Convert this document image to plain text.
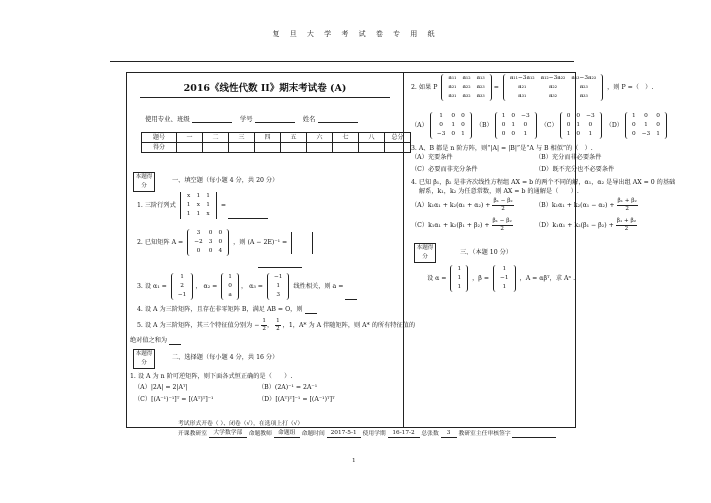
复 旦 大 学 考 试 卷 专 用 纸
2016《线性代数 II》期末考试卷 (A)
使用专业、班级	学号	姓名
题号	一	二	三	四	五	六	七	八	总分
得分									
本题得分
一、填空题（每小题 4 分，共 20 分）
1. 三阶行列式
x	1	1
1	x	1
1	1	x
=
2. 已知矩阵 A =
3	0	0
−2	3	0
0	0	4
，则 (A − 2E)⁻¹ =
3. 设 α₁ =
1
2
−1
， α₂ =
1
0
a
， α₃ =
−1
1
3
线性相关，则 a =
4. 设 A 为三阶矩阵，且存在非零矩阵 B，满足 AB = O，则
5. 设 A 为三阶矩阵，其三个特征值分别为 − $\frac{1}{2}$ ， $\frac{1}{2}$ ，1，A* 为 A 伴随矩阵，则 A* 的所有特征值的
绝对值之和为
本题得分
二、选择题（每小题 4 分，共 16 分）
1. 设 A 为 n 阶可逆矩阵，则下面各式恒正确的是（　　）.
（A）|2A| = 2|Aᵀ|	（B）(2A)⁻¹ = 2A⁻¹
（C）[(A⁻¹)⁻¹]ᵀ = [(Aᵀ)ᵀ]⁻¹	（D）[(Aᵀ)ᵀ]⁻¹ = [(A⁻¹)ᵀ]ᵀ
2. 如果 P
a₁₁	a₁₂	a₁₃
a₂₁	a₂₂	a₂₃
a₃₁	a₃₂	a₃₃
=
a₁₁−3a₁₂	a₁₂−3a₂₂	a₁₃−3a₂₃
a₂₁	a₂₂	a₂₃
a₃₁	a₃₂	a₃₃
，则 P =（　）.
（A）
1	0	0
0	1	0
−3	0	1
（B）
1	0	−3
0	1	0
0	0	1
（C）
0	0	−3
0	1	0
1	0	1
（D）
1	0	0
0	1	0
0	−3	1
3. A、B 都是 n 阶方阵，则“|A| = |B|”是“A 与 B 相似”的（　）.
（A）充要条件	（B）充分而非必要条件
（C）必要而非充分条件	（D）既不充分也不必要条件
4. 已知 β₁，β₂ 是非齐次线性方程组 AX = b 的两个不同的解，α₁，α₂ 是导出组 AX = 0 的基础
解系，k₁，k₂ 为任意常数，则 AX = b 的通解是（　　）.
$(A)k_1\alpha_1 + k_2(\alpha_1 + \alpha_2) + \frac{\text{β₁ − β₂}}{2}$	$(B)k_1\alpha_1 + k_2(\alpha_1 - \alpha_2) + \frac{\text{β₁ + β₂}}{2}$
$(C)k_1\alpha_1 + k_2(\beta_1 + \beta_2) + \frac{\text{β₁ − β₂}}{2}$	$(D)k_1\alpha_1 + k_2(\beta_1 - \beta_2) + \frac{\text{β₁ + β₂}}{2}$
本题得分
三、（本题 10 分）
设 α =
1
1
1
，β =
1
−1
1
，A = αβᵀ，求 Aⁿ .
考试形式开卷（ ）、闭卷（√），在选项上打（√）
开课教研室 大学数学部 命题教师 命题组 命题时间 2017-5-1 使用学期 16-17-2 总张数 3 教研室主任审核签字
1
